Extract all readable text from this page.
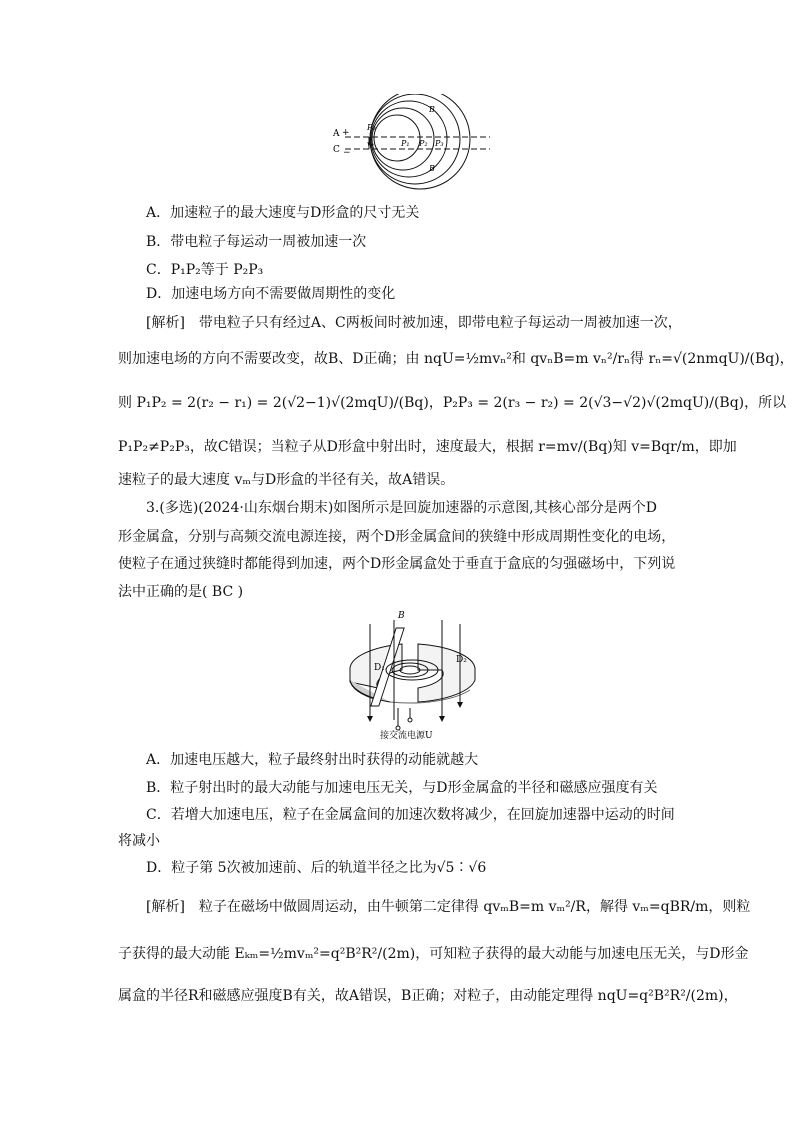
A +
C −
P₀
v₀	P₁ P₂ P₃
B
B
A．加速粒子的最大速度与D形盒的尺寸无关
B．带电粒子每运动一周被加速一次
C．P₁P₂等于 P₂P₃
D．加速电场方向不需要做周期性的变化
[解析]　带电粒子只有经过A、C两板间时被加速，即带电粒子每运动一周被加速一次，
则加速电场的方向不需要改变，故B、D正确；由 nqU=½mvₙ²和 qvₙB=m vₙ²/rₙ得 rₙ=√(2nmqU)/(Bq)，
则 P₁P₂ = 2(r₂ − r₁) = 2(√2−1)√(2mqU)/(Bq)，P₂P₃ = 2(r₃ − r₂) = 2(√3−√2)√(2mqU)/(Bq)，所以
P₁P₂≠P₂P₃，故C错误；当粒子从D形盒中射出时，速度最大，根据 r=mv/(Bq)知 v=Bqr/m，即加
速粒子的最大速度 vₘ与D形盒的半径有关，故A错误。
3.(多选)(2024·山东烟台期末)如图所示是回旋加速器的示意图,其核心部分是两个D
形金属盒，分别与高频交流电源连接，两个D形金属盒间的狭缝中形成周期性变化的电场，
使粒子在通过狭缝时都能得到加速，两个D形金属盒处于垂直于盒底的匀强磁场中，下列说
法中正确的是( BC )
B
D₁
D₂
接交流电源U
A．加速电压越大，粒子最终射出时获得的动能就越大
B．粒子射出时的最大动能与加速电压无关，与D形金属盒的半径和磁感应强度有关
C．若增大加速电压，粒子在金属盒间的加速次数将减少，在回旋加速器中运动的时间
将减小
D．粒子第 5次被加速前、后的轨道半径之比为√5∶√6
[解析]　粒子在磁场中做圆周运动，由牛顿第二定律得 qvₘB=m vₘ²/R，解得 vₘ=qBR/m，则粒
子获得的最大动能 Eₖₘ=½mvₘ²=q²B²R²/(2m)，可知粒子获得的最大动能与加速电压无关，与D形金
属盒的半径R和磁感应强度B有关，故A错误，B正确；对粒子，由动能定理得 nqU=q²B²R²/(2m)，
